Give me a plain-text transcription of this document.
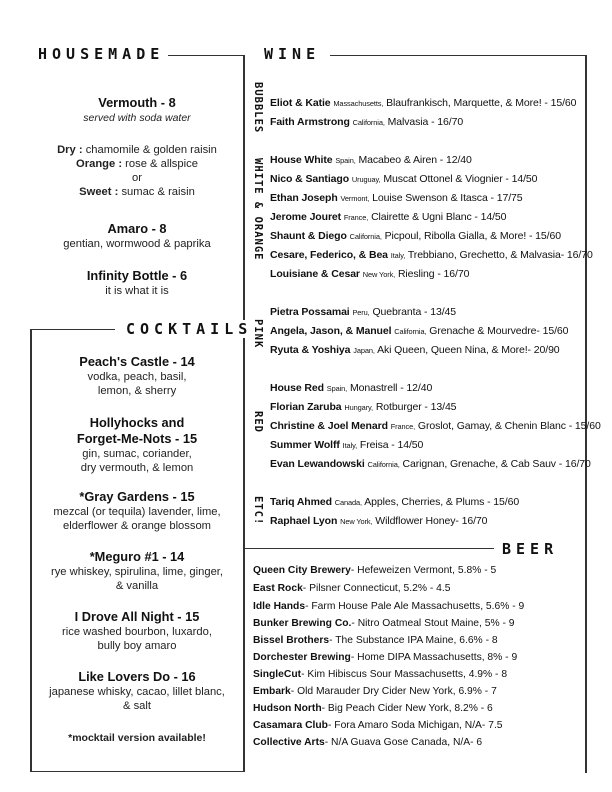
HOUSEMADE	WINE
COCKTAILS
BEER
Vermouth - 8
served with soda water
Dry : chamomile & golden raisin
Orange : rose & allspice
or
Sweet : sumac & raisin
Amaro - 8
gentian, wormwood & paprika
Infinity Bottle - 6
it is what it is
Peach's Castle - 14
vodka, peach, basil,
lemon, & sherry
Hollyhocks and
Forget-Me-Nots - 15
gin, sumac, coriander,
dry vermouth, & lemon
*Gray Gardens - 15
mezcal (or tequila) lavender, lime,
elderflower & orange blossom
*Meguro #1 - 14
rye whiskey, spirulina, lime, ginger,
& vanilla
I Drove All Night - 15
rice washed bourbon, luxardo,
bully boy amaro
Like Lovers Do - 16
japanese whisky, cacao, lillet blanc,
& salt
*mocktail version available!
BUBBLES
WHITE & ORANGE
PINK
RED
ETC!
Eliot & Katie Massachusetts, Blaufrankisch, Marquette, & More! - 15/60
Faith Armstrong California, Malvasia - 16/70
House White Spain, Macabeo & Airen - 12/40
Nico & Santiago Uruguay, Muscat Ottonel & Viognier - 14/50
Ethan Joseph Vermont, Louise Swenson & Itasca - 17/75
Jerome Jouret France, Clairette & Ugni Blanc - 14/50
Shaunt & Diego California, Picpoul, Ribolla Gialla, & More! - 15/60
Cesare, Federico, & Bea Italy, Trebbiano, Grechetto, & Malvasia- 16/70
Louisiane & Cesar New York, Riesling - 16/70
Pietra Possamai Peru, Quebranta - 13/45
Angela, Jason, & Manuel California, Grenache & Mourvedre- 15/60
Ryuta & Yoshiya Japan, Aki Queen, Queen Nina, & More!- 20/90
House Red Spain, Monastrell - 12/40
Florian Zaruba Hungary, Rotburger - 13/45
Christine & Joel Menard France, Groslot, Gamay, & Chenin Blanc - 15/60
Summer Wolff Italy, Freisa - 14/50
Evan Lewandowski California, Carignan, Grenache, & Cab Sauv - 16/70
Tariq Ahmed Canada, Apples, Cherries, & Plums - 15/60
Raphael Lyon New York, Wildflower Honey- 16/70
Queen City Brewery- Hefeweizen Vermont, 5.8% - 5
East Rock- Pilsner Connecticut, 5.2% - 4.5
Idle Hands- Farm House Pale Ale Massachusetts, 5.6% - 9
Bunker Brewing Co.- Nitro Oatmeal Stout Maine, 5% - 9
Bissel Brothers- The Substance IPA Maine, 6.6% - 8
Dorchester Brewing- Home DIPA Massachusetts, 8% - 9
SingleCut- Kim Hibiscus Sour Massachusetts, 4.9% - 8
Embark- Old Marauder Dry Cider New York, 6.9% - 7
Hudson North- Big Peach Cider New York, 8.2% - 6
Casamara Club- Fora Amaro Soda Michigan, N/A- 7.5
Collective Arts- N/A Guava Gose Canada, N/A- 6
